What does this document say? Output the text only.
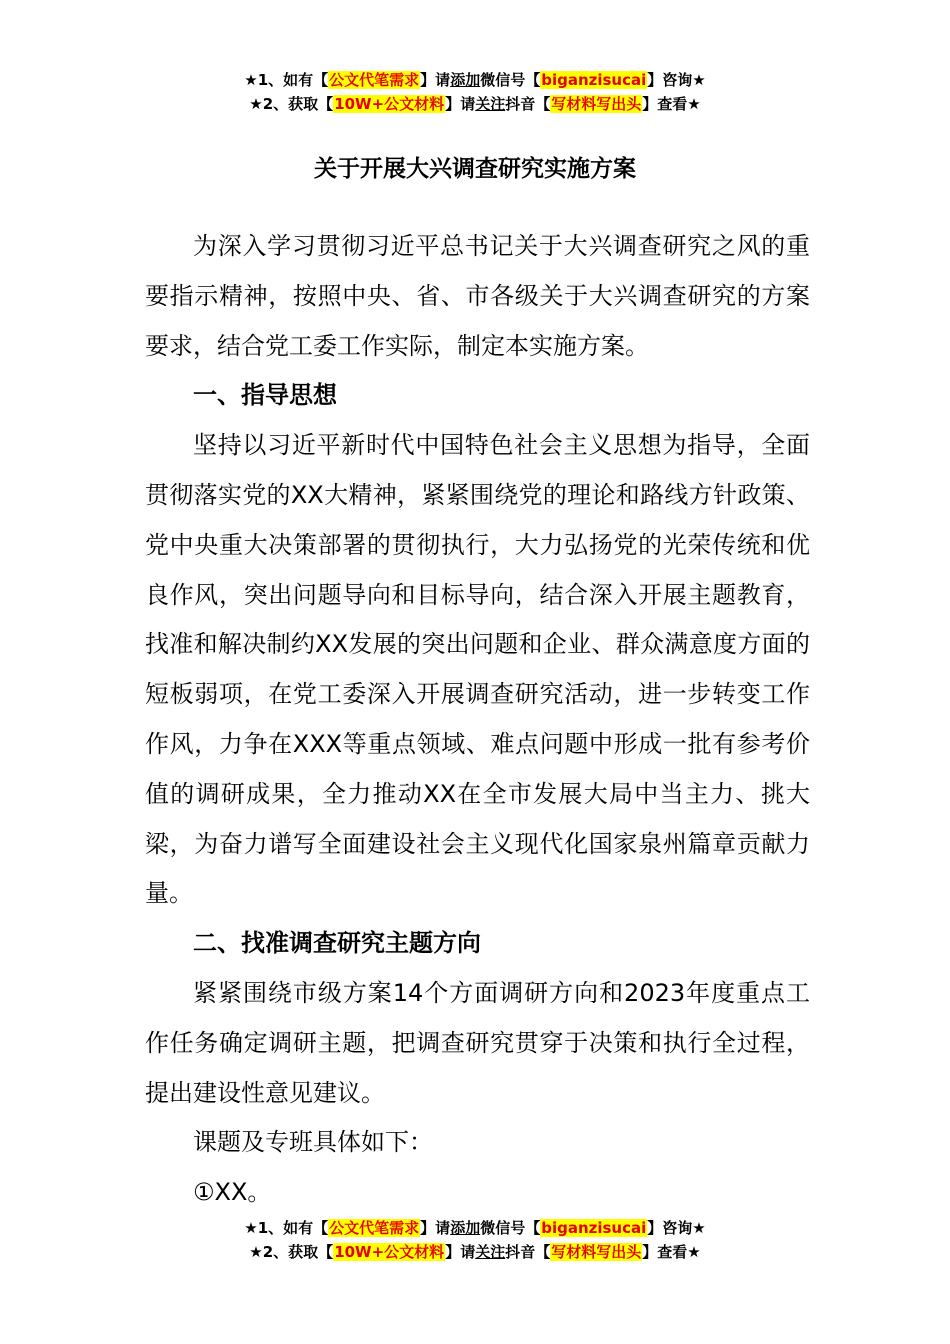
★1、如有【公文代笔需求】请添加微信号【biganzisucai】咨询★
★2、获取【10W+公文材料】请关注抖音【写材料写出头】查看★
关于开展大兴调查研究实施方案

为深入学习贯彻习近平总书记关于大兴调查研究之风的重要指示精神，按照中央、省、市各级关于大兴调查研究的方案要求，结合党工委工作实际，制定本实施方案。

一、指导思想

坚持以习近平新时代中国特色社会主义思想为指导，全面贯彻落实党的XX大精神，紧紧围绕党的理论和路线方针政策、党中央重大决策部署的贯彻执行，大力弘扬党的光荣传统和优良作风，突出问题导向和目标导向，结合深入开展主题教育，找准和解决制约XX发展的突出问题和企业、群众满意度方面的短板弱项，在党工委深入开展调查研究活动，进一步转变工作作风，力争在XXX等重点领域、难点问题中形成一批有参考价值的调研成果，全力推动XX在全市发展大局中当主力、挑大梁，为奋力谱写全面建设社会主义现代化国家泉州篇章贡献力量。

二、找准调查研究主题方向

紧紧围绕市级方案14个方面调研方向和2023年度重点工作任务确定调研主题，把调查研究贯穿于决策和执行全过程，提出建设性意见建议。

课题及专班具体如下：

①XX。

★1、如有【公文代笔需求】请添加微信号【biganzisucai】咨询★
★2、获取【10W+公文材料】请关注抖音【写材料写出头】查看★
